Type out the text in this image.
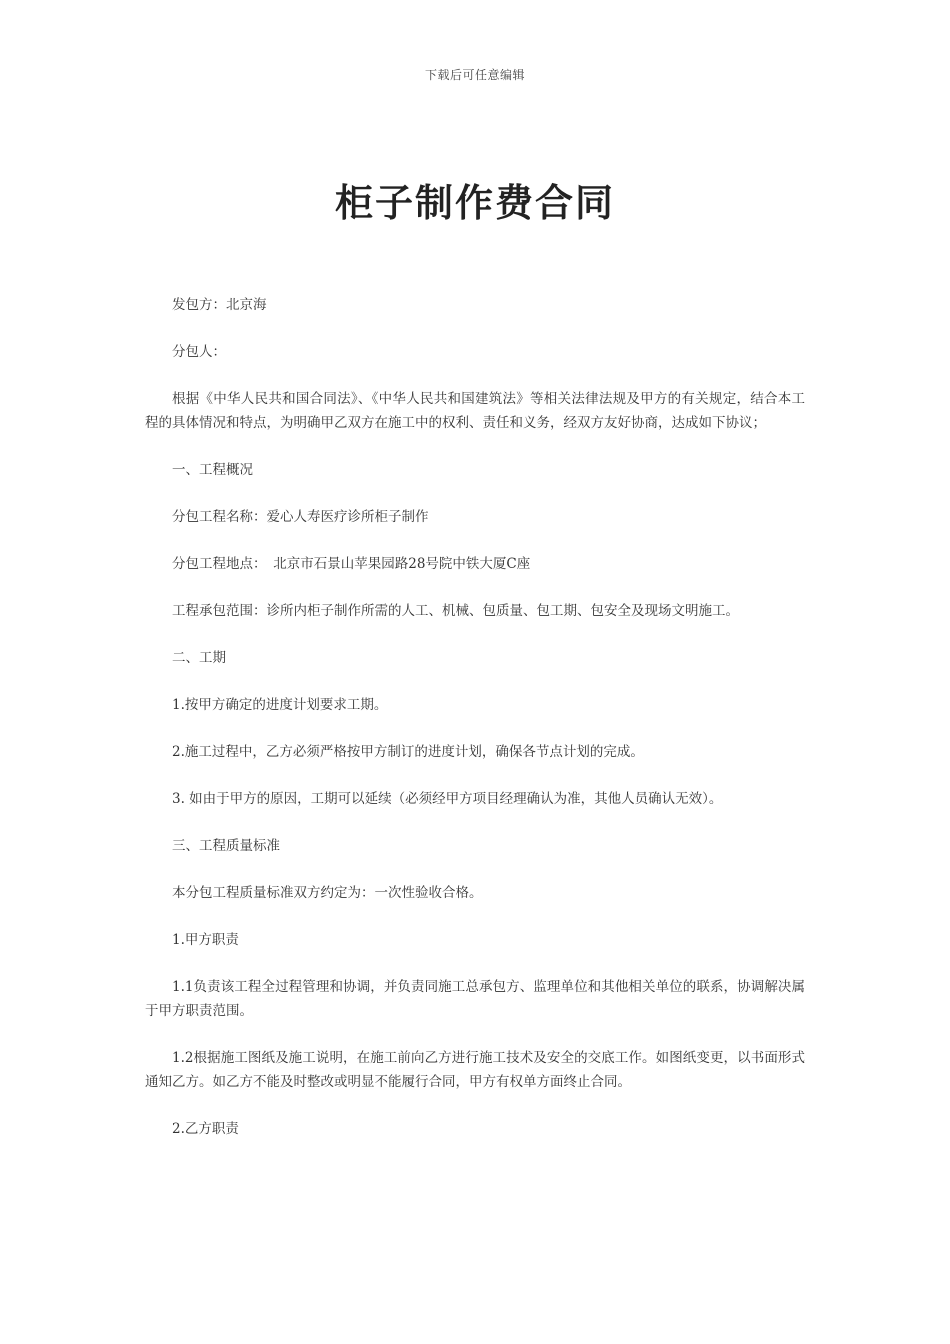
下载后可任意编辑
柜子制作费合同

发包方：北京海

分包人：

根据《中华人民共和国合同法》、《中华人民共和国建筑法》等相关法律法规及甲方的有关规定，结合本工程的具体情况和特点，为明确甲乙双方在施工中的权利、责任和义务，经双方友好协商，达成如下协议；

一、工程概况

分包工程名称：爱心人寿医疗诊所柜子制作

分包工程地点：　北京市石景山苹果园路28号院中铁大厦C座

工程承包范围：诊所内柜子制作所需的人工、机械、包质量、包工期、包安全及现场文明施工。

二、工期

1.按甲方确定的进度计划要求工期。

2.施工过程中，乙方必须严格按甲方制订的进度计划，确保各节点计划的完成。

3. 如由于甲方的原因，工期可以延续（必须经甲方项目经理确认为准，其他人员确认无效）。

三、工程质量标准

本分包工程质量标准双方约定为：一次性验收合格。

1.甲方职责

1.1负责该工程全过程管理和协调，并负责同施工总承包方、监理单位和其他相关单位的联系，协调解决属于甲方职责范围。

1.2根据施工图纸及施工说明，在施工前向乙方进行施工技术及安全的交底工作。如图纸变更，以书面形式通知乙方。如乙方不能及时整改或明显不能履行合同，甲方有权单方面终止合同。

2.乙方职责
